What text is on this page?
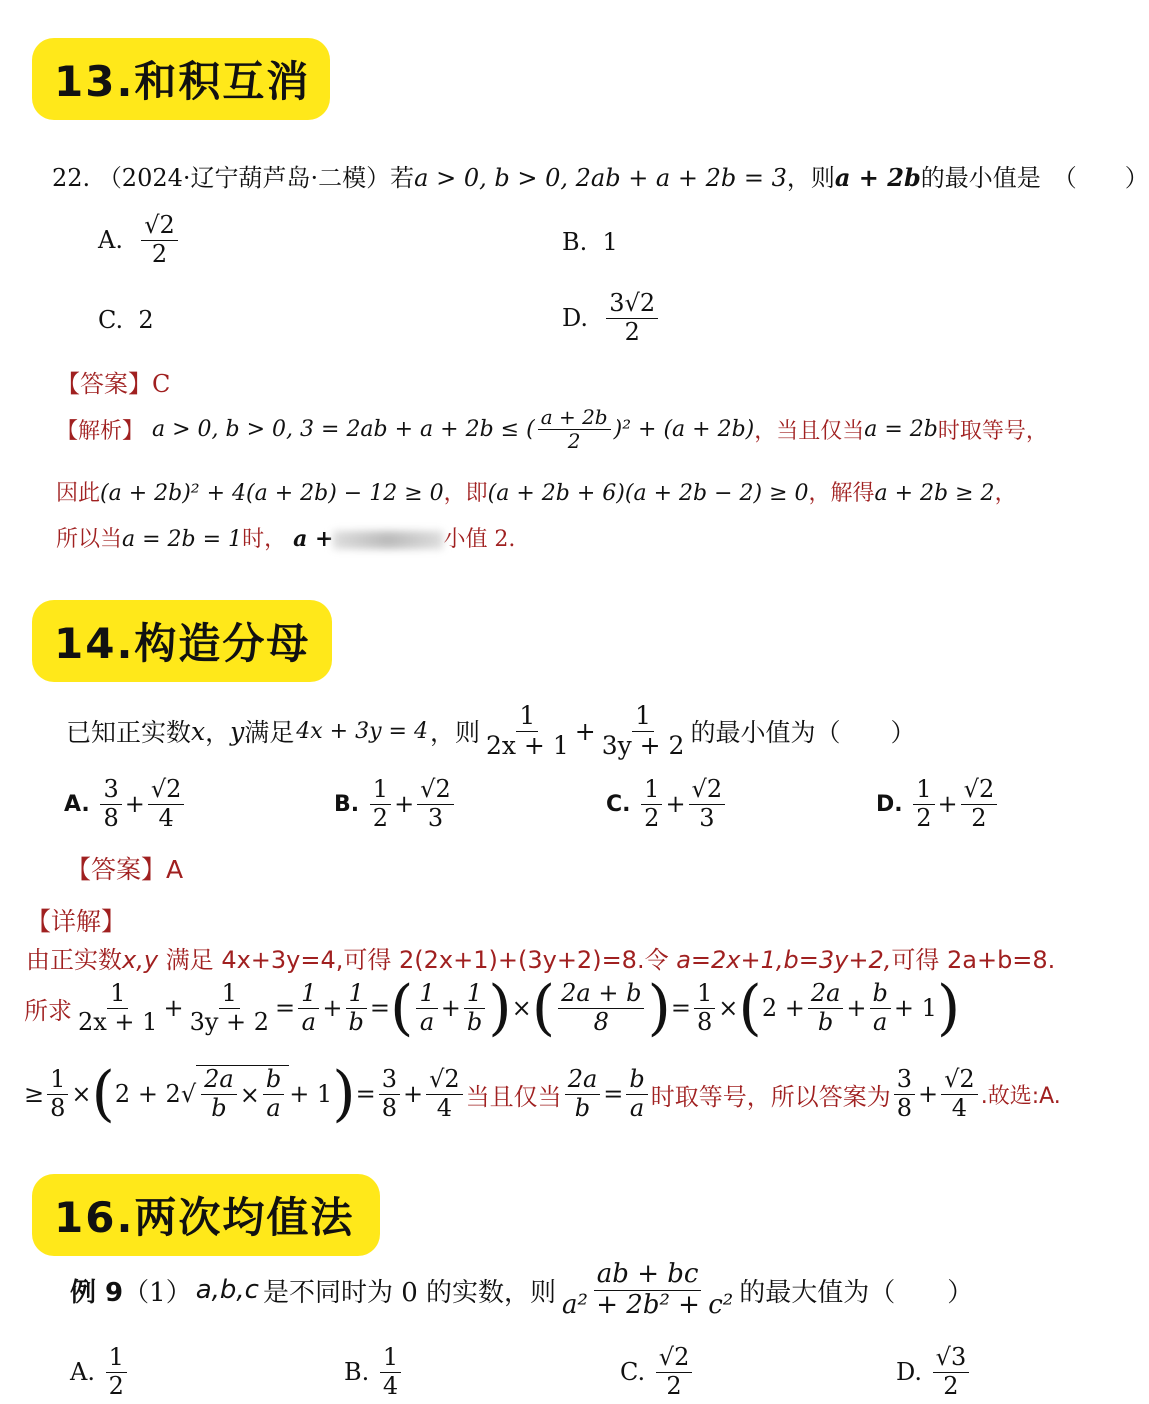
13.和积互消
22. （2024·辽宁葫芦岛·二模）若a > 0, b > 0, 2ab + a + 2b = 3，则a + 2b的最小值是　（　　）
A.
$\frac{√2}{2}$	B.
1
C.
2	D.
$\frac{3√2}{2}$
【答案】C
【解析】 a > 0, b > 0, 3 = 2ab + a + 2b ≤ ( $\frac{a + 2b}{2} )^2 + (a + 2b)$ ，当且仅当 a = 2b 时取等号，
因此(a + 2b)² + 4(a + 2b) − 12 ≥ 0，即(a + 2b + 6)(a + 2b − 2) ≥ 0，解得a + 2b ≥ 2，
所以当a = 2b = 1时， a +	小值 2.
14.构造分母
已知正实数 x ， y 满足 4x + 3y = 4 ，则 $\frac{1}{2x + 1} + \frac{1}{3y + 2}$ 的最小值为（　　）
A.
$\frac{3}{8} + \frac{√2}{4}$	B.
$\frac{1}{2} + \frac{√2}{3}$	C.
$\frac{1}{2} + \frac{√2}{3}$	D.
$\frac{1}{2} + \frac{√2}{2}$
【答案】A
【详解】
由正实数x,y 满足 4x+3y=4,可得 2(2x+1)+(3y+2)=8.令 a=2x+1,b=3y+2,可得 2a+b=8.
所求 $\frac{1}{2x + 1} + \frac{1}{3y + 2} = \frac{1}{a} + \frac{1}{b}$ = ( $\frac{1}{a} + \frac{1}{b}$ ) × ( $\frac{2a + b}{8}$ ) = $\frac{1}{8}$ × ( $2 + \frac{2a}{b} + \frac{b}{a} + 1$ )
≥ $\frac{1}{8}$ × ( $2 + 2√ \frac{2a}{b} \times \frac{b}{a} + 1$ ) = $\frac{3}{8} + \frac{√2}{4}$ 当且仅当 $\frac{2a}{b} = \frac{b}{a}$ 时取等号，所以答案为 $\frac{3}{8} + \frac{√2}{4}$ .故选:A.
16.两次均值法
例 9 （1） a,b,c 是不同时为 0 的实数，则 $\frac{ab + bc}{\text{a² + 2b² + c²}}$ 的最大值为（　　）
A.
$\frac{1}{2}$	B.
$\frac{1}{4}$	C.
$\frac{√2}{2}$	D.
$\frac{√3}{2}$
